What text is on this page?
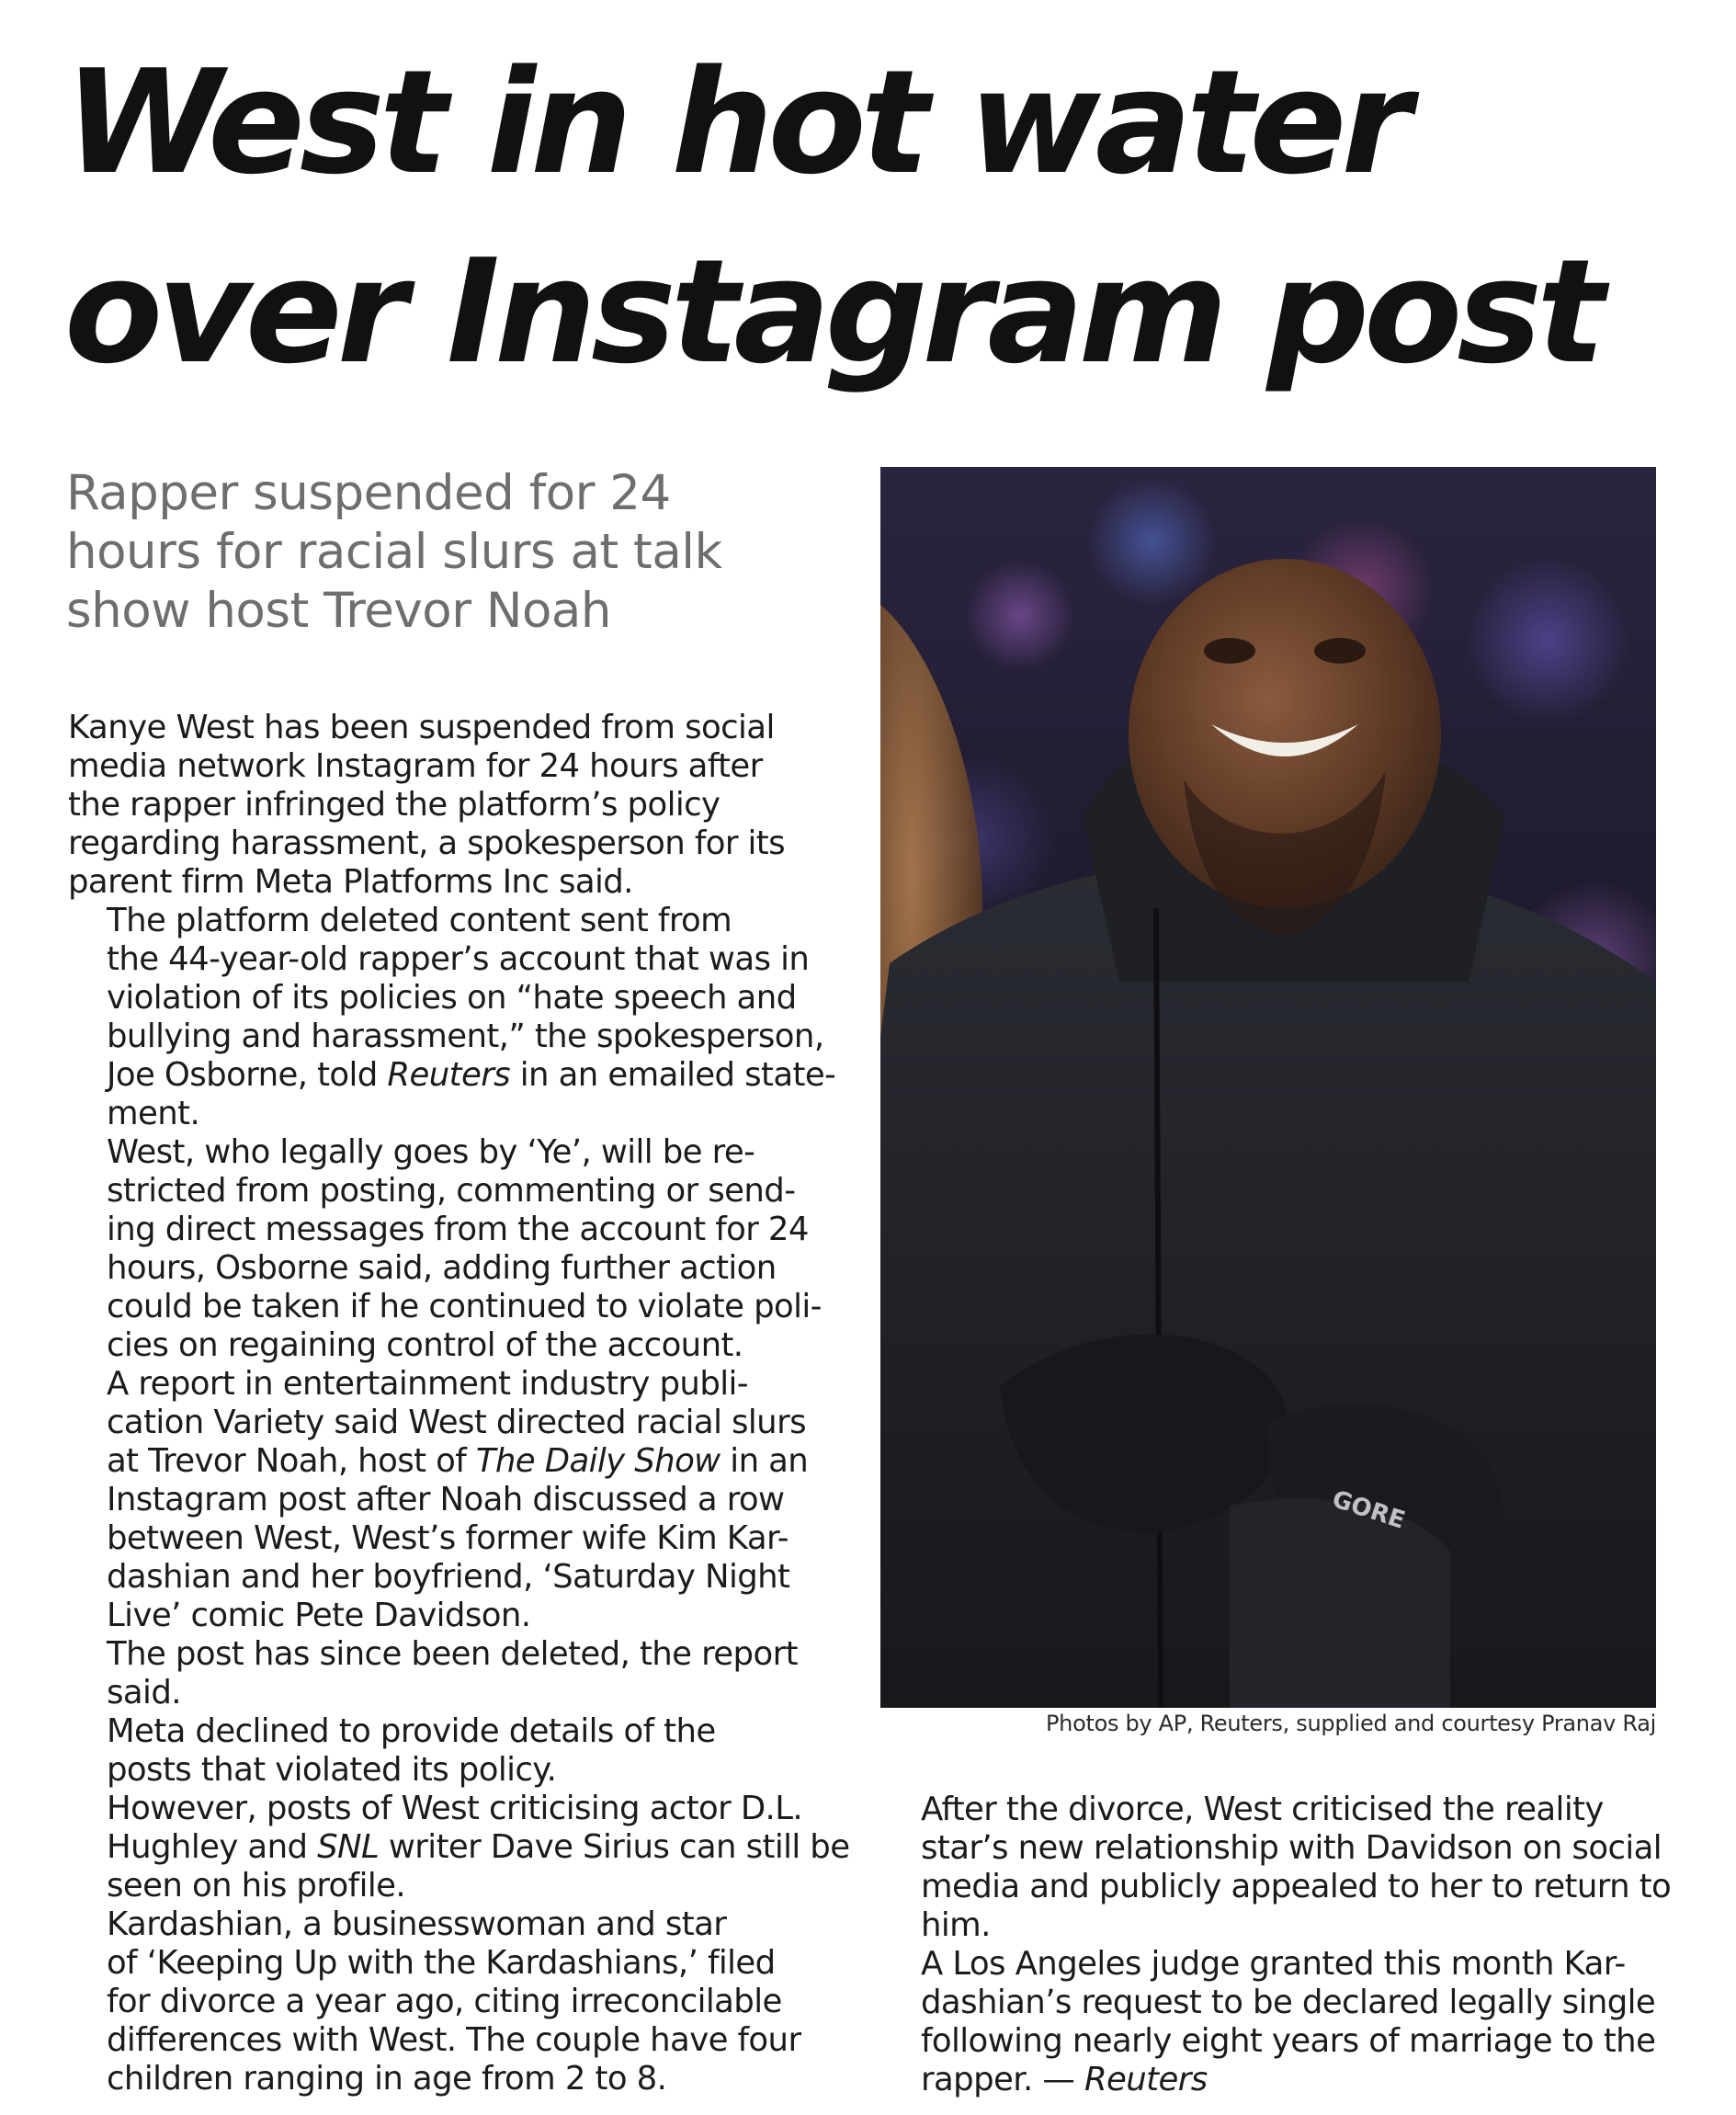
West in hot water
over Instagram post
Rapper suspended for 24
hours for racial slurs at talk
show host Trevor Noah

Kanye West has been suspended from social
media network Instagram for 24 hours after
the rapper infringed the platform’s policy
regarding harassment, a spokesperson for its
parent firm Meta Platforms Inc said.

The platform deleted content sent from
the 44-year-old rapper’s account that was in
violation of its policies on “hate speech and
bullying and harassment,” the spokesperson,
Joe Osborne, told Reuters in an emailed state-
ment.

West, who legally goes by ‘Ye’, will be re-
stricted from posting, commenting or send-
ing direct messages from the account for 24
hours, Osborne said, adding further action
could be taken if he continued to violate poli-
cies on regaining control of the account.

A report in entertainment industry publi-
cation Variety said West directed racial slurs
at Trevor Noah, host of The Daily Show in an
Instagram post after Noah discussed a row
between West, West’s former wife Kim Kar-
dashian and her boyfriend, ‘Saturday Night
Live’ comic Pete Davidson.

The post has since been deleted, the report
said.

Meta declined to provide details of the
posts that violated its policy.

However, posts of West criticising actor D.L.
Hughley and SNL writer Dave Sirius can still be
seen on his profile.

Kardashian, a businesswoman and star
of ‘Keeping Up with the Kardashians,’ filed
for divorce a year ago, citing irreconcilable
differences with West. The couple have four
children ranging in age from 2 to 8.

GORE
Photos by AP, Reuters, supplied and courtesy Pranav Raj

After the divorce, West criticised the reality
star’s new relationship with Davidson on social
media and publicly appealed to her to return to
him.

A Los Angeles judge granted this month Kar-
dashian’s request to be declared legally single
following nearly eight years of marriage to the
rapper. — Reuters
